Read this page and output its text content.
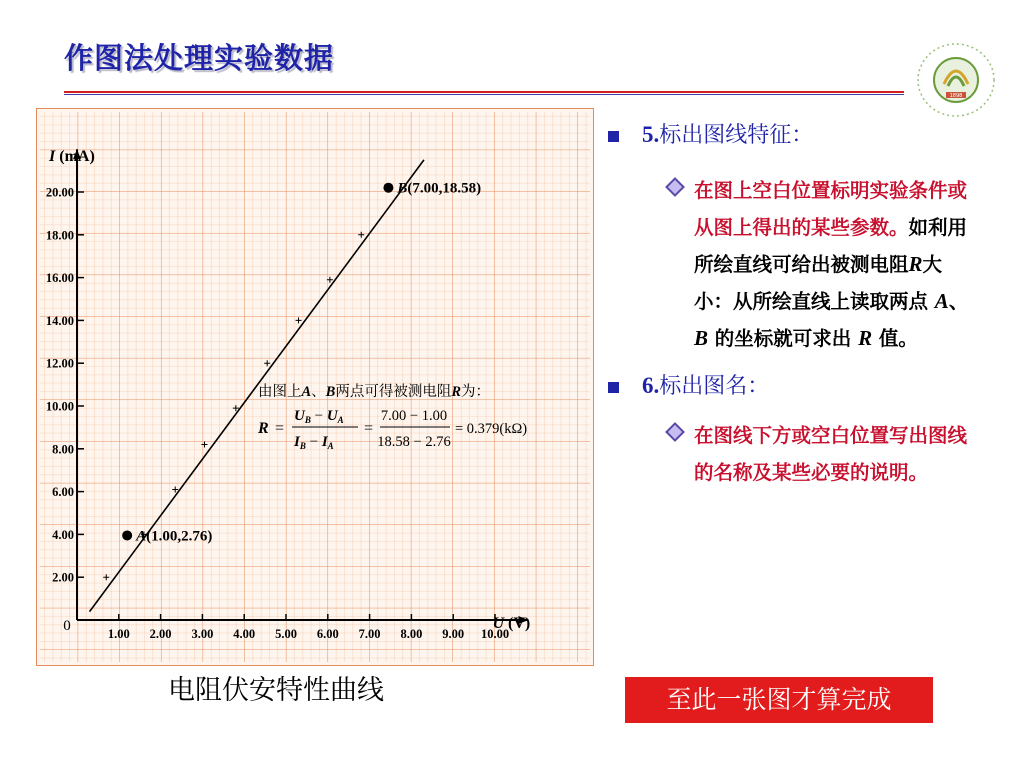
作图法处理实验数据
1898
1.00 2.00 3.00 4.00 5.00 6.00 7.00 8.00 9.00 10.00
2.00
4.00
6.00
8.00
10.00
12.00
14.00
16.00
18.00
20.00
0
I (mA)
U (V)
A(1.00,2.76)
B(7.00,18.58)
由图上A、B两点可得被测电阻R为：
R =
$U_B - U_A$
$I_B - I_A$
=
7.00 − 1.00
18.58 − 2.76
= 0.379(kΩ)
电阻伏安特性曲线
5.标出图线特征：
在图上空白位置标明实验条件或从图上得出的某些参数。如利用所绘直线可给出被测电阻R大小：从所绘直线上读取两点 A、B 的坐标就可求出 R 值。
6.标出图名：
在图线下方或空白位置写出图线的名称及某些必要的说明。
至此一张图才算完成
